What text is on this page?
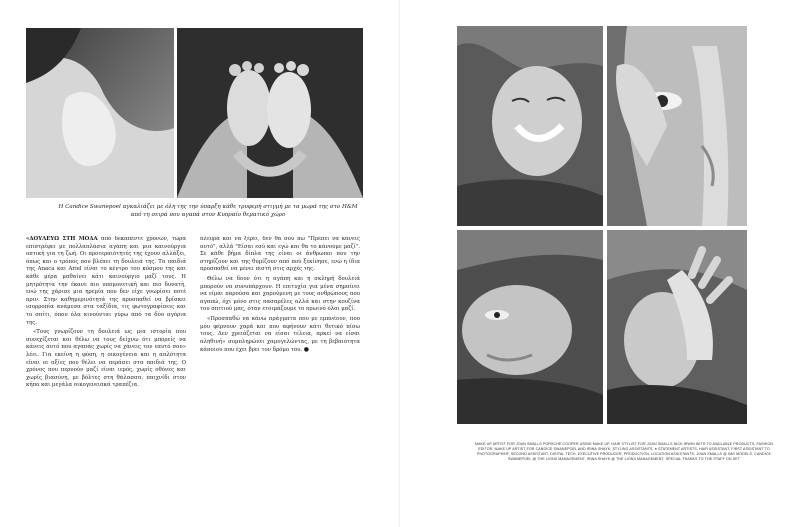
Η Candice Swanepoel αγκαλιάζει με όλη της την ύπαρξη κάθε τρυφερή στιγμή με τα μωρά της στο H&M από τη σειρά που αγαπά στον Κυπραίο θεματικό χώρο

«ΔΟΥΛΕΥΩ ΣΤΗ ΜΟΔΑ από δεκαπέντε χρονών, τώρα επιστρέφει με πολλαπλάσια αγάπη και μια καινούργια οπτική για τη ζωή. Οι προτεραιότητές της έχουν αλλάξει, όπως και ο τρόπος που βλέπει τη δουλειά της. Τα παιδιά της Anaca και Ariel είναι το κέντρο του κόσμου της και κάθε μέρα μαθαίνει κάτι καινούργιο μαζί τους. Η μητρότητα την έκανε πιο υπομονετική και πιο δυνατή, ενώ της χάρισε μια ηρεμία που δεν είχε γνωρίσει ποτέ πριν. Στην καθημερινότητά της προσπαθεί να βρίσκει ισορροπία ανάμεσα στα ταξίδια, τις φωτογραφίσεις και το σπίτι, όπου όλα κινούνται γύρω από τα δύο αγόρια της.

«Τους γνωρίζουν τη δουλειά ως μια ιστορία που συνεχίζεται και θέλω να τους δείχνω ότι μπορείς να κάνεις αυτό που αγαπάς χωρίς να χάνεις τον εαυτό σου» λέει. Για εκείνη η φύση, η οικογένεια και η απλότητα είναι οι αξίες που θέλει να περάσει στα παιδιά της. Ο χρόνος που περνούν μαζί είναι ιερός, χωρίς οθόνες και χωρίς βιασύνη, με βόλτες στη θάλασσα, παιχνίδι στον κήπο και μεγάλα οικογενειακά τραπέζια.

πλευρά και να ξέρει, δεν θα σου πω "Πρέπει να κάνεις αυτό", αλλά "Είσαι εσύ και εγώ και θα το κάνουμε μαζί". Σε κάθε βήμα δίπλα της είναι οι άνθρωποι που την στηρίζουν και της θυμίζουν από πού ξεκίνησε, ενώ η ίδια προσπαθεί να μένει πιστή στις αρχές της.

Θέλω να δουν ότι η αγάπη και η σκληρή δουλειά μπορούν να συνυπάρχουν. Η επιτυχία για μένα σημαίνει να είμαι παρούσα και χαρούμενη με τους ανθρώπους που αγαπώ, όχι μόνο στις πασαρέλες αλλά και στην κουζίνα του σπιτιού μας, όταν ετοιμάζουμε το πρωινό όλοι μαζί.

«Προσπαθώ να κάνω πράγματα που με εμπνέουν, που μου φέρνουν χαρά και που αφήνουν κάτι θετικό πίσω τους. Δεν χρειάζεται να είσαι τέλεια, αρκεί να είσαι αληθινή» συμπληρώνει χαμογελώντας, με τη βεβαιότητα κάποιου που έχει βρει τον δρόμο του. ●

MAKE UP ARTIST FOR JOAN SMALLS PORSCHE COOPER USING MAKE UP, HAIR STYLIST FOR JOAN SMALLS NICK IRWIN WITH TO AVAILABLE PRODUCTS, FASHION EDITOR, MAKE UP ARTIST FOR CANDICE SWANEPOEL AND IRINA SHAYK, STYLING ASSISTANTS, ● STATEMENT ARTISTS, HAIR ASSISTANT, FIRST ASSISTANT TO PHOTOGRAPHER, SECOND ASSISTANT, DIGITAL TECH, EXECUTIVE PRODUCER, PRODUCTION, LOCATION ASSISTANTS, JOAN SMALLS @ IMG MODELS, CANDICE SWANEPOEL @ THE LIONS MANAGEMENT, IRINA SHAYK @ THE LIONS MANAGEMENT, SPECIAL THANKS TO THE STAFF ON SET
